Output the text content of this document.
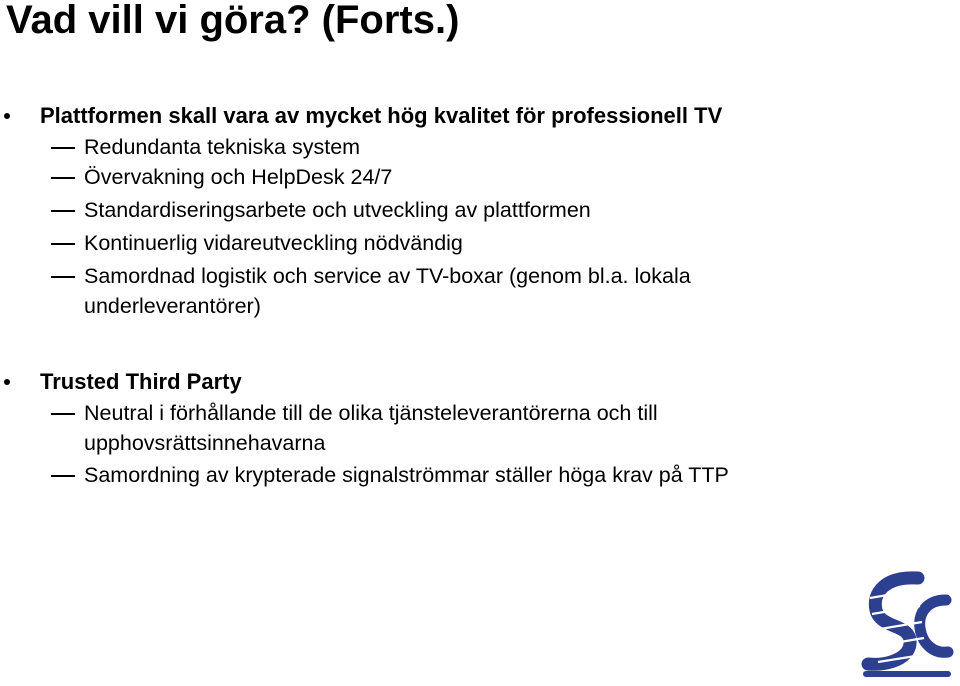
Vad vill vi göra? (Forts.)
Plattformen skall vara av mycket hög kvalitet för professionell TV
Redundanta tekniska system
Övervakning och HelpDesk 24/7
Standardiseringsarbete och utveckling av plattformen
Kontinuerlig vidareutveckling nödvändig
Samordnad logistik och service av TV-boxar (genom bl.a. lokala underleverantörer)
Trusted Third Party
Neutral i förhållande till de olika tjänsteleverantörerna och till upphovsrättsinnehavarna
Samordning av krypterade signalströmmar ställer höga krav på TTP
